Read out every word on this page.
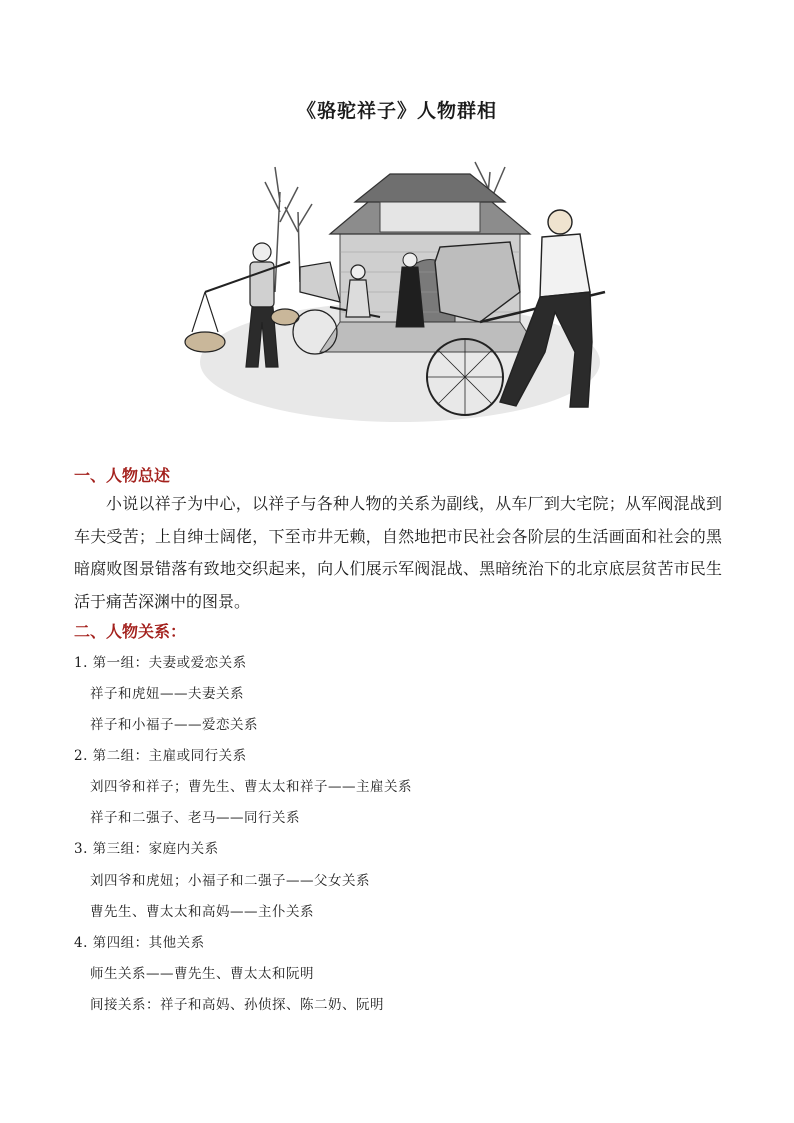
《骆驼祥子》人物群相
一、人物总述
小说以祥子为中心，以祥子与各种人物的关系为副线，从车厂到大宅院；从军阀混战到车夫受苦；上自绅士阔佬，下至市井无赖，自然地把市民社会各阶层的生活画面和社会的黑暗腐败图景错落有致地交织起来，向人们展示军阀混战、黑暗统治下的北京底层贫苦市民生活于痛苦深渊中的图景。
二、人物关系：
1. 第一组：夫妻或爱恋关系
祥子和虎妞——夫妻关系
祥子和小福子——爱恋关系
2. 第二组：主雇或同行关系
刘四爷和祥子；曹先生、曹太太和祥子——主雇关系
祥子和二强子、老马——同行关系
3. 第三组：家庭内关系
刘四爷和虎妞；小福子和二强子——父女关系
曹先生、曹太太和高妈——主仆关系
4. 第四组：其他关系
师生关系——曹先生、曹太太和阮明
间接关系：祥子和高妈、孙侦探、陈二奶、阮明
